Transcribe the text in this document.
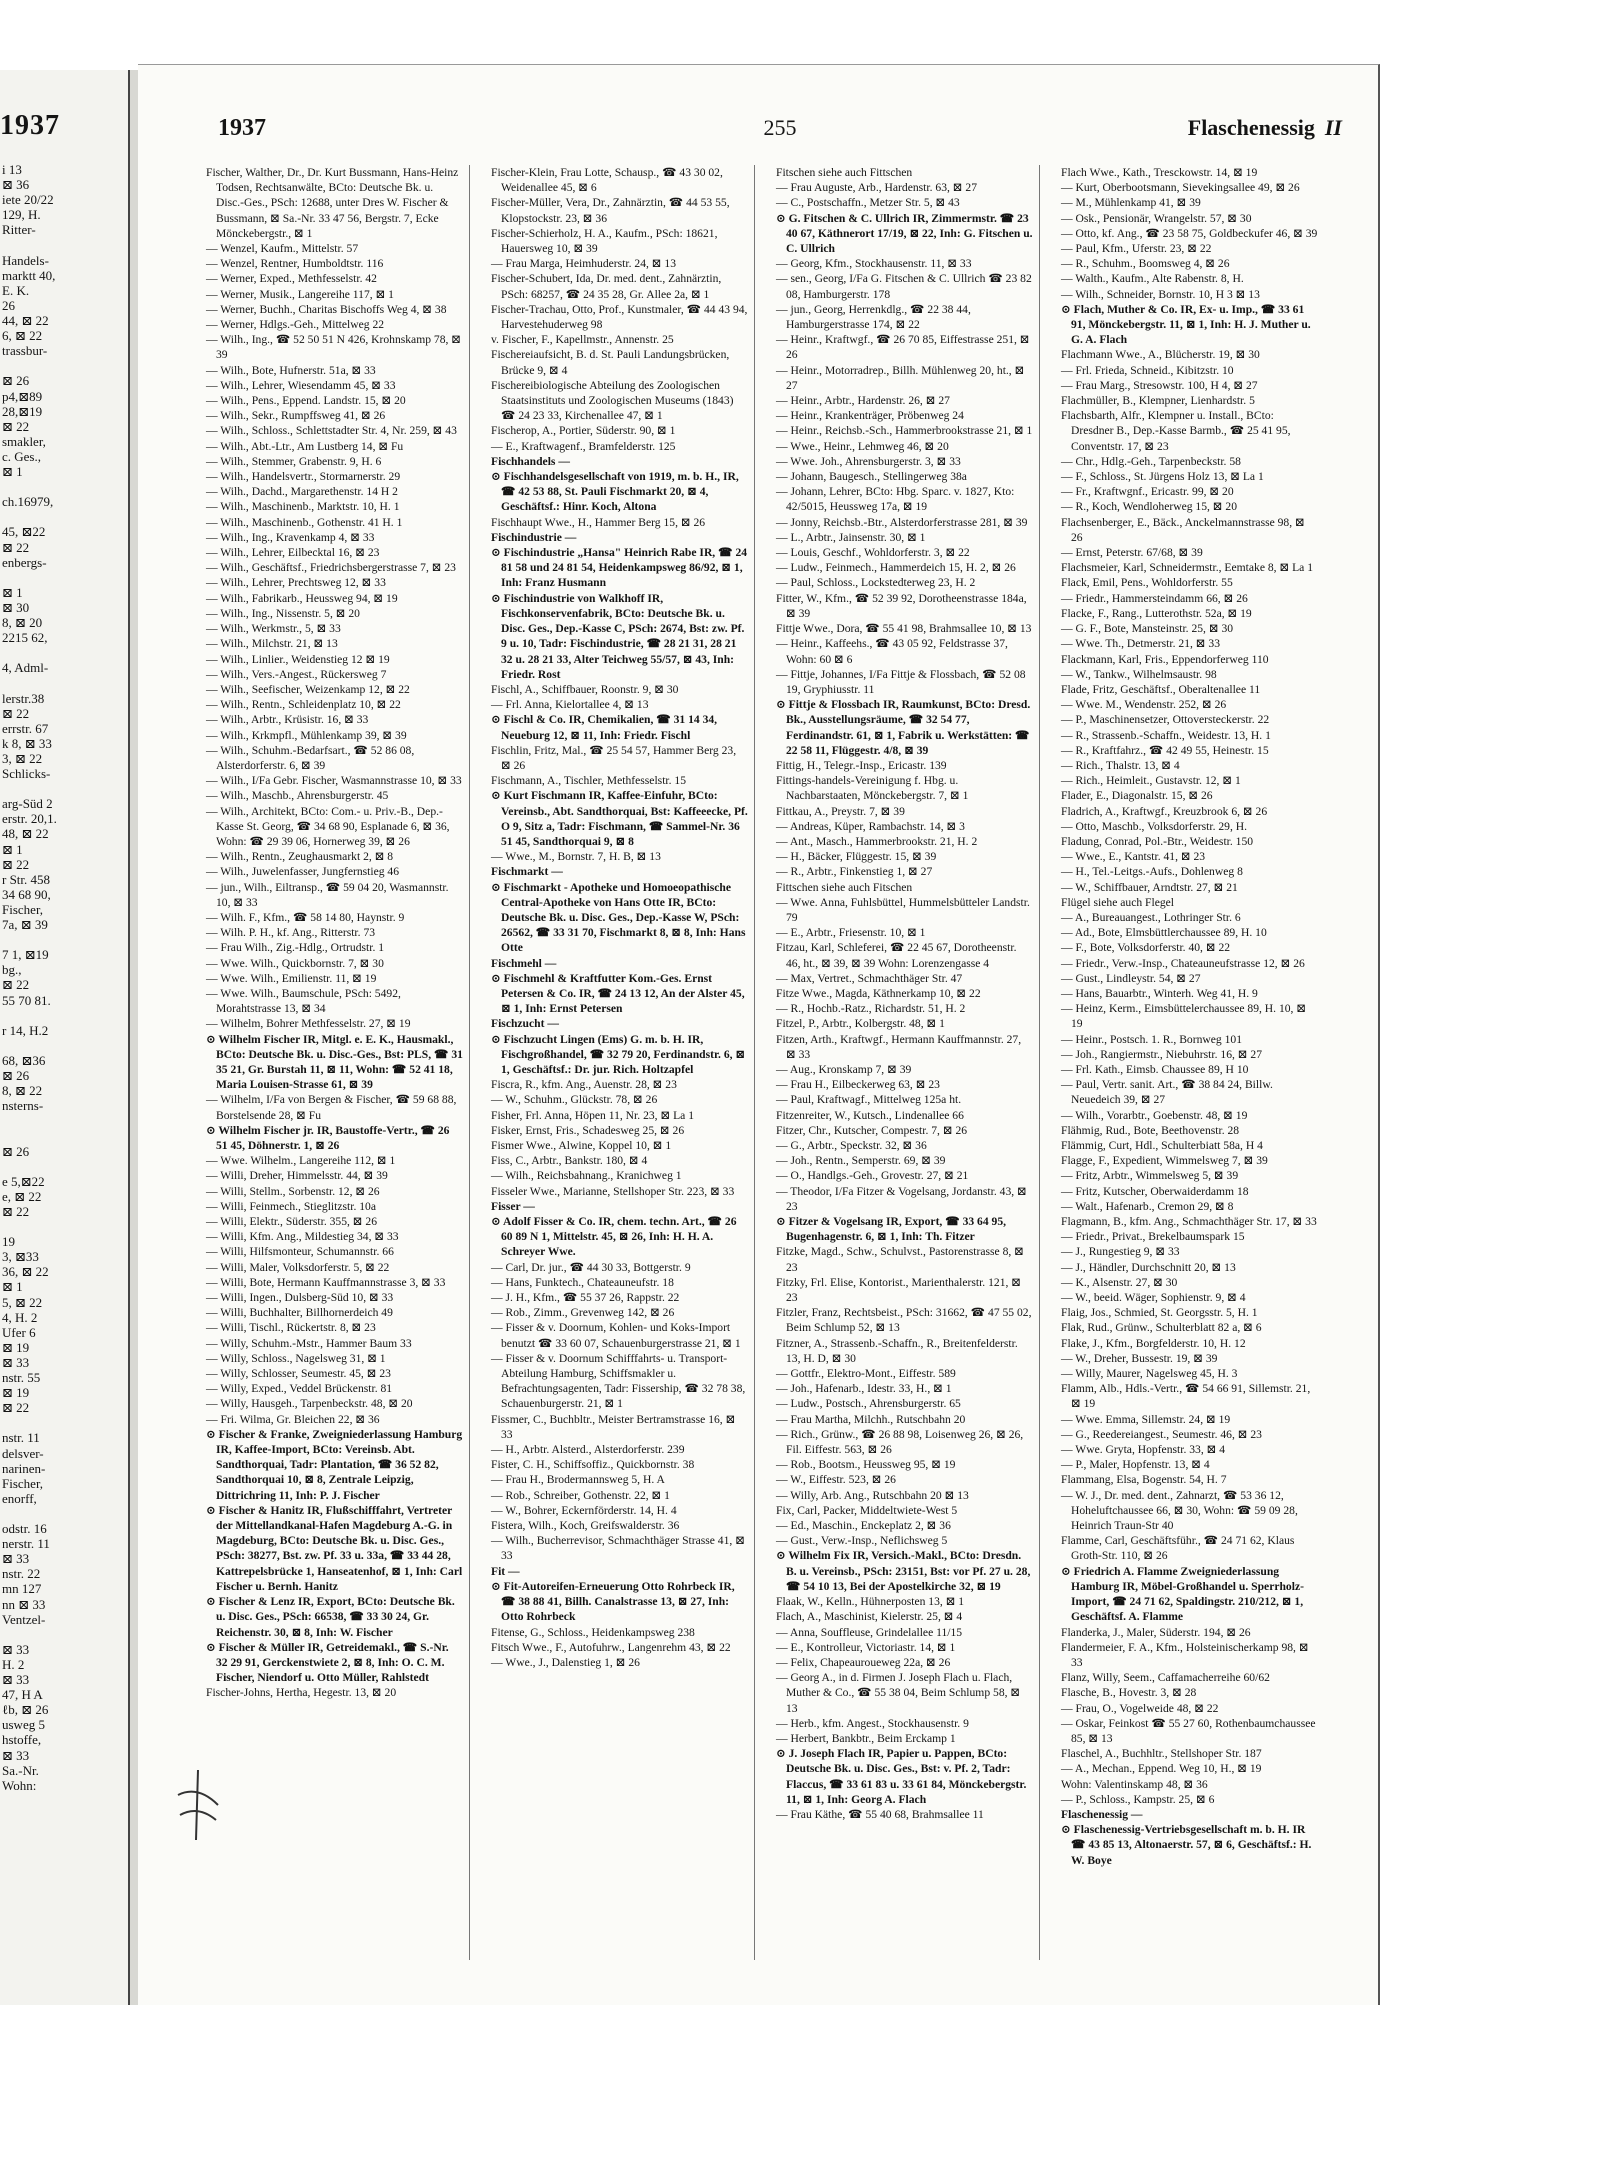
1937
i 13
⊠ 36
iete 20/22
129, H.
Ritter-
Handels-
marktt 40,
E. K.
26
44, ⊠ 22
6, ⊠ 22
trassbur-
⊠ 26
p4,⊠89
28,⊠19
⊠ 22
smakler,
c. Ges.,
⊠ 1
ch.16979,
45, ⊠22
⊠ 22
enbergs-
⊠ 1
⊠ 30
8, ⊠ 20
2215 62,
4, Adml-
lerstr.38
⊠ 22
errstr. 67
k 8, ⊠ 33
3, ⊠ 22
Schlicks-
arg-Süd 2
erstr. 20,1.
48, ⊠ 22
⊠ 1
⊠ 22
r Str. 458
34 68 90,
Fischer,
7a, ⊠ 39
7 1, ⊠19
bg.,
⊠ 22
55 70 81.
r 14, H.2
68, ⊠36
⊠ 26
8, ⊠ 22
nsterns-
⊠ 26
e 5,⊠22
e, ⊠ 22
⊠ 22
19
3, ⊠33
36, ⊠ 22
⊠ 1
5, ⊠ 22
4, H. 2
Ufer 6
⊠ 19
⊠ 33
nstr. 55
⊠ 19
⊠ 22
nstr. 11
delsver-
narinen-
Fischer,
enorff,
odstr. 16
nerstr. 11
⊠ 33
nstr. 22
mn 127
nn ⊠ 33
Ventzel-
⊠ 33
H. 2
⊠ 33
47, H A
ℓb, ⊠ 26
usweg 5
hstoffe,
⊠ 33
Sa.-Nr.
Wohn:
1937	255	Flaschenessig II
Fischer, Walther, Dr., Dr. Kurt Bussmann, Hans-Heinz Todsen, Rechtsanwälte, BCto: Deutsche Bk. u. Disc.-Ges., PSch: 12688, unter Dres W. Fischer & Bussmann, ⊠ Sa.-Nr. 33 47 56, Bergstr. 7, Ecke Mönckebergstr., ⊠ 1
— Wenzel, Kaufm., Mittelstr. 57
— Wenzel, Rentner, Humboldtstr. 116
— Werner, Exped., Methfesselstr. 42
— Werner, Musik., Langereihe 117, ⊠ 1
— Werner, Buchh., Charitas Bischoffs Weg 4, ⊠ 38
— Werner, Hdlgs.-Geh., Mittelweg 22
— Wilh., Ing., ☎ 52 50 51 N 426, Krohnskamp 78, ⊠ 39
— Wilh., Bote, Hufnerstr. 51a, ⊠ 33
— Wilh., Lehrer, Wiesendamm 45, ⊠ 33
— Wilh., Pens., Eppend. Landstr. 15, ⊠ 20
— Wilh., Sekr., Rumpffsweg 41, ⊠ 26
— Wilh., Schloss., Schlettstadter Str. 4, Nr. 259, ⊠ 43
— Wilh., Abt.-Ltr., Am Lustberg 14, ⊠ Fu
— Wilh., Stemmer, Grabenstr. 9, H. 6
— Wilh., Handelsvertr., Stormarnerstr. 29
— Wilh., Dachd., Margarethenstr. 14 H 2
— Wilh., Maschinenb., Marktstr. 10, H. 1
— Wilh., Maschinenb., Gothenstr. 41 H. 1
— Wilh., Ing., Kravenkamp 4, ⊠ 33
— Wilh., Lehrer, Eilbecktal 16, ⊠ 23
— Wilh., Geschäftsf., Friedrichsbergerstrasse 7, ⊠ 23
— Wilh., Lehrer, Prechtsweg 12, ⊠ 33
— Wilh., Fabrikarb., Heussweg 94, ⊠ 19
— Wilh., Ing., Nissenstr. 5, ⊠ 20
— Wilh., Werkmstr., 5, ⊠ 33
— Wilh., Milchstr. 21, ⊠ 13
— Wilh., Linlier., Weidenstieg 12 ⊠ 19
— Wilh., Vers.-Angest., Rückersweg 7
— Wilh., Seefischer, Weizenkamp 12, ⊠ 22
— Wilh., Rentn., Schleidenplatz 10, ⊠ 22
— Wilh., Arbtr., Krüsistr. 16, ⊠ 33
— Wilh., Krkmpfl., Mühlenkamp 39, ⊠ 39
— Wilh., Schuhm.-Bedarfsart., ☎ 52 86 08, Alsterdorferstr. 6, ⊠ 39
— Wilh., I/Fa Gebr. Fischer, Wasmannstrasse 10, ⊠ 33
— Wilh., Maschb., Ahrensburgerstr. 45
— Wilh., Architekt, BCto: Com.- u. Priv.-B., Dep.-Kasse St. Georg, ☎ 34 68 90, Esplanade 6, ⊠ 36, Wohn: ☎ 29 39 06, Hornerweg 39, ⊠ 26
— Wilh., Rentn., Zeughausmarkt 2, ⊠ 8
— Wilh., Juwelenfasser, Jungfernstieg 46
— jun., Wilh., Eiltransp., ☎ 59 04 20, Wasmannstr. 10, ⊠ 33
— Wilh. F., Kfm., ☎ 58 14 80, Haynstr. 9
— Wilh. P. H., kf. Ang., Ritterstr. 73
— Frau Wilh., Zig.-Hdlg., Ortrudstr. 1
— Wwe. Wilh., Quickbornstr. 7, ⊠ 30
— Wwe. Wilh., Emilienstr. 11, ⊠ 19
— Wwe. Wilh., Baumschule, PSch: 5492, Morahtstrasse 13, ⊠ 34
— Wilhelm, Bohrer Methfesselstr. 27, ⊠ 19
⊙ Wilhelm Fischer IR, Mitgl. e. E. K., Hausmakl., BCto: Deutsche Bk. u. Disc.-Ges., Bst: PLS, ☎ 31 35 21, Gr. Burstah 11, ⊠ 11, Wohn: ☎ 52 41 18, Maria Louisen-Strasse 61, ⊠ 39
— Wilhelm, I/Fa von Bergen & Fischer, ☎ 59 68 88, Borstelsende 28, ⊠ Fu
⊙ Wilhelm Fischer jr. IR, Baustoffe-Vertr., ☎ 26 51 45, Döhnerstr. 1, ⊠ 26
— Wwe. Wilhelm., Langereihe 112, ⊠ 1
— Willi, Dreher, Himmelsstr. 44, ⊠ 39
— Willi, Stellm., Sorbenstr. 12, ⊠ 26
— Willi, Feinmech., Stieglitzstr. 10a
— Willi, Elektr., Süderstr. 355, ⊠ 26
— Willi, Kfm. Ang., Mildestieg 34, ⊠ 33
— Willi, Hilfsmonteur, Schumannstr. 66
— Willi, Maler, Volksdorferstr. 5, ⊠ 22
— Willi, Bote, Hermann Kauffmannstrasse 3, ⊠ 33
— Willi, Ingen., Dulsberg-Süd 10, ⊠ 33
— Willi, Buchhalter, Billhornerdeich 49
— Willi, Tischl., Rückertstr. 8, ⊠ 23
— Willy, Schuhm.-Mstr., Hammer Baum 33
— Willy, Schloss., Nagelsweg 31, ⊠ 1
— Willy, Schlosser, Seumestr. 45, ⊠ 23
— Willy, Exped., Veddel Brückenstr. 81
— Willy, Hausgeh., Tarpenbeckstr. 48, ⊠ 20
— Fri. Wilma, Gr. Bleichen 22, ⊠ 36
⊙ Fischer & Franke, Zweigniederlassung Hamburg IR, Kaffee-Import, BCto: Vereinsb. Abt. Sandthorquai, Tadr: Plantation, ☎ 36 52 82, Sandthorquai 10, ⊠ 8, Zentrale Leipzig, Dittrichring 11, Inh: P. J. Fischer
⊙ Fischer & Hanitz IR, Flußschifffahrt, Vertreter der Mittellandkanal-Hafen Magdeburg A.-G. in Magdeburg, BCto: Deutsche Bk. u. Disc. Ges., PSch: 38277, Bst. zw. Pf. 33 u. 33a, ☎ 33 44 28, Kattrepelsbrücke 1, Hanseatenhof, ⊠ 1, Inh: Carl Fischer u. Bernh. Hanitz
⊙ Fischer & Lenz IR, Export, BCto: Deutsche Bk. u. Disc. Ges., PSch: 66538, ☎ 33 30 24, Gr. Reichenstr. 30, ⊠ 8, Inh: W. Fischer
⊙ Fischer & Müller IR, Getreidemakl., ☎ S.-Nr. 32 29 91, Gerckenstwiete 2, ⊠ 8, Inh: O. C. M. Fischer, Niendorf u. Otto Müller, Rahlstedt
Fischer-Johns, Hertha, Hegestr. 13, ⊠ 20
Fischer-Klein, Frau Lotte, Schausp., ☎ 43 30 02, Weidenallee 45, ⊠ 6
Fischer-Müller, Vera, Dr., Zahnärztin, ☎ 44 53 55, Klopstockstr. 23, ⊠ 36
Fischer-Schierholz, H. A., Kaufm., PSch: 18621, Hauersweg 10, ⊠ 39
— Frau Marga, Heimhuderstr. 24, ⊠ 13
Fischer-Schubert, Ida, Dr. med. dent., Zahnärztin, PSch: 68257, ☎ 24 35 28, Gr. Allee 2a, ⊠ 1
Fischer-Trachau, Otto, Prof., Kunstmaler, ☎ 44 43 94, Harvestehuderweg 98
v. Fischer, F., Kapellmstr., Annenstr. 25
Fischereiaufsicht, B. d. St. Pauli Landungsbrücken, Brücke 9, ⊠ 4
Fischereibiologische Abteilung des Zoologischen Staatsinstituts und Zoologischen Museums (1843) ☎ 24 23 33, Kirchenallee 47, ⊠ 1
Fischerop, A., Portier, Süderstr. 90, ⊠ 1
— E., Kraftwagenf., Bramfelderstr. 125
Fischhandels —
⊙ Fischhandelsgesellschaft von 1919, m. b. H., IR, ☎ 42 53 88, St. Pauli Fischmarkt 20, ⊠ 4, Geschäftsf.: Hinr. Koch, Altona
Fischhaupt Wwe., H., Hammer Berg 15, ⊠ 26
Fischindustrie —
⊙ Fischindustrie „Hansa" Heinrich Rabe IR, ☎ 24 81 58 und 24 81 54, Heidenkampsweg 86/92, ⊠ 1, Inh: Franz Husmann
⊙ Fischindustrie von Walkhoff IR, Fischkonservenfabrik, BCto: Deutsche Bk. u. Disc. Ges., Dep.-Kasse C, PSch: 2674, Bst: zw. Pf. 9 u. 10, Tadr: Fischindustrie, ☎ 28 21 31, 28 21 32 u. 28 21 33, Alter Teichweg 55/57, ⊠ 43, Inh: Friedr. Rost
Fischl, A., Schiffbauer, Roonstr. 9, ⊠ 30
— Frl. Anna, Kielortallee 4, ⊠ 13
⊙ Fischl & Co. IR, Chemikalien, ☎ 31 14 34, Neueburg 12, ⊠ 11, Inh: Friedr. Fischl
Fischlin, Fritz, Mal., ☎ 25 54 57, Hammer Berg 23, ⊠ 26
Fischmann, A., Tischler, Methfesselstr. 15
⊙ Kurt Fischmann IR, Kaffee-Einfuhr, BCto: Vereinsb., Abt. Sandthorquai, Bst: Kaffeeecke, Pf. O 9, Sitz a, Tadr: Fischmann, ☎ Sammel-Nr. 36 51 45, Sandthorquai 9, ⊠ 8
— Wwe., M., Bornstr. 7, H. B, ⊠ 13
Fischmarkt —
⊙ Fischmarkt - Apotheke und Homoeopathische Central-Apotheke von Hans Otte IR, BCto: Deutsche Bk. u. Disc. Ges., Dep.-Kasse W, PSch: 26562, ☎ 33 31 70, Fischmarkt 8, ⊠ 8, Inh: Hans Otte
Fischmehl —
⊙ Fischmehl & Kraftfutter Kom.-Ges. Ernst Petersen & Co. IR, ☎ 24 13 12, An der Alster 45, ⊠ 1, Inh: Ernst Petersen
Fischzucht —
⊙ Fischzucht Lingen (Ems) G. m. b. H. IR, Fischgroßhandel, ☎ 32 79 20, Ferdinandstr. 6, ⊠ 1, Geschäftsf.: Dr. jur. Rich. Holtzapfel
Fiscra, R., kfm. Ang., Auenstr. 28, ⊠ 23
— W., Schuhm., Glückstr. 78, ⊠ 26
Fisher, Frl. Anna, Höpen 11, Nr. 23, ⊠ La 1
Fisker, Ernst, Fris., Schadesweg 25, ⊠ 26
Fismer Wwe., Alwine, Koppel 10, ⊠ 1
Fiss, C., Arbtr., Bankstr. 180, ⊠ 4
— Wilh., Reichsbahnang., Kranichweg 1
Fisseler Wwe., Marianne, Stellshoper Str. 223, ⊠ 33
Fisser —
⊙ Adolf Fisser & Co. IR, chem. techn. Art., ☎ 26 60 89 N 1, Mittelstr. 45, ⊠ 26, Inh: H. H. A. Schreyer Wwe.
— Carl, Dr. jur., ☎ 44 30 33, Bottgerstr. 9
— Hans, Funktech., Chateauneufstr. 18
— J. H., Kfm., ☎ 55 37 26, Rappstr. 22
— Rob., Zimm., Grevenweg 142, ⊠ 26
— Fisser & v. Doornum, Kohlen- und Koks-Import benutzt ☎ 33 60 07, Schauenburgerstrasse 21, ⊠ 1
— Fisser & v. Doornum Schifffahrts- u. Transport-Abteilung Hamburg, Schiffsmakler u. Befrachtungsagenten, Tadr: Fissership, ☎ 32 78 38, Schauenburgerstr. 21, ⊠ 1
Fissmer, C., Buchbltr., Meister Bertramstrasse 16, ⊠ 33
— H., Arbtr. Alsterd., Alsterdorferstr. 239
Fister, C. H., Schiffsoffiz., Quickbornstr. 38
— Frau H., Brodermannsweg 5, H. A
— Rob., Schreiber, Gothenstr. 22, ⊠ 1
— W., Bohrer, Eckernförderstr. 14, H. 4
Fistera, Wilh., Koch, Greifswalderstr. 36
— Wilh., Bucherrevisor, Schmachthäger Strasse 41, ⊠ 33
Fit —
⊙ Fit-Autoreifen-Erneuerung Otto Rohrbeck IR, ☎ 38 88 41, Billh. Canalstrasse 13, ⊠ 27, Inh: Otto Rohrbeck
Fitense, G., Schloss., Heidenkampsweg 238
Fitsch Wwe., F., Autofuhrw., Langenrehm 43, ⊠ 22
— Wwe., J., Dalenstieg 1, ⊠ 26
Fitschen siehe auch Fittschen
— Frau Auguste, Arb., Hardenstr. 63, ⊠ 27
— C., Postschaffn., Metzer Str. 5, ⊠ 43
⊙ G. Fitschen & C. Ullrich IR, Zimmermstr. ☎ 23 40 67, Käthnerort 17/19, ⊠ 22, Inh: G. Fitschen u. C. Ullrich
— Georg, Kfm., Stockhausenstr. 11, ⊠ 33
— sen., Georg, I/Fa G. Fitschen & C. Ullrich ☎ 23 82 08, Hamburgerstr. 178
— jun., Georg, Herrenkdlg., ☎ 22 38 44, Hamburgerstrasse 174, ⊠ 22
— Heinr., Kraftwgf., ☎ 26 70 85, Eiffestrasse 251, ⊠ 26
— Heinr., Motorradrep., Billh. Mühlenweg 20, ht., ⊠ 27
— Heinr., Arbtr., Hardenstr. 26, ⊠ 27
— Heinr., Krankenträger, Pröbenweg 24
— Heinr., Reichsb.-Sch., Hammerbrookstrasse 21, ⊠ 1
— Wwe., Heinr., Lehmweg 46, ⊠ 20
— Wwe. Joh., Ahrensburgerstr. 3, ⊠ 33
— Johann, Baugesch., Stellingerweg 38a
— Johann, Lehrer, BCto: Hbg. Sparc. v. 1827, Kto: 42/5015, Heussweg 17a, ⊠ 19
— Jonny, Reichsb.-Btr., Alsterdorferstrasse 281, ⊠ 39
— L., Arbtr., Jainsenstr. 30, ⊠ 1
— Louis, Geschf., Wohldorferstr. 3, ⊠ 22
— Ludw., Feinmech., Hammerdeich 15, H. 2, ⊠ 26
— Paul, Schloss., Lockstedterweg 23, H. 2
Fitter, W., Kfm., ☎ 52 39 92, Dorotheenstrasse 184a, ⊠ 39
Fittje Wwe., Dora, ☎ 55 41 98, Brahmsallee 10, ⊠ 13
— Heinr., Kaffeehs., ☎ 43 05 92, Feldstrasse 37, Wohn: 60 ⊠ 6
— Fittje, Johannes, I/Fa Fittje & Flossbach, ☎ 52 08 19, Gryphiusstr. 11
⊙ Fittje & Flossbach IR, Raumkunst, BCto: Dresd. Bk., Ausstellungsräume, ☎ 32 54 77, Ferdinandstr. 61, ⊠ 1, Fabrik u. Werkstätten: ☎ 22 58 11, Flüggestr. 4/8, ⊠ 39
Fittig, H., Telegr.-Insp., Ericastr. 139
Fittings-handels-Vereinigung f. Hbg. u. Nachbarstaaten, Mönckebergstr. 7, ⊠ 1
Fittkau, A., Preystr. 7, ⊠ 39
— Andreas, Küper, Rambachstr. 14, ⊠ 3
— Ant., Masch., Hammerbrookstr. 21, H. 2
— H., Bäcker, Flüggestr. 15, ⊠ 39
— R., Arbtr., Finkenstieg 1, ⊠ 27
Fittschen siehe auch Fitschen
— Wwe. Anna, Fuhlsbüttel, Hummelsbütteler Landstr. 79
— E., Arbtr., Friesenstr. 10, ⊠ 1
Fitzau, Karl, Schleferei, ☎ 22 45 67, Dorotheenstr. 46, ht., ⊠ 39, ⊠ 39 Wohn: Lorenzengasse 4
— Max, Vertret., Schmachthäger Str. 47
Fitze Wwe., Magda, Käthnerkamp 10, ⊠ 22
— R., Hochb.-Ratz., Richardstr. 51, H. 2
Fitzel, P., Arbtr., Kolbergstr. 48, ⊠ 1
Fitzen, Arth., Kraftwgf., Hermann Kauffmannstr. 27, ⊠ 33
— Aug., Kronskamp 7, ⊠ 39
— Frau H., Eilbeckerweg 63, ⊠ 23
— Paul, Kraftwagf., Mittelweg 125a ht.
Fitzenreiter, W., Kutsch., Lindenallee 66
Fitzer, Chr., Kutscher, Compestr. 7, ⊠ 26
— G., Arbtr., Speckstr. 32, ⊠ 36
— Joh., Rentn., Semperstr. 69, ⊠ 39
— O., Handlgs.-Geh., Grovestr. 27, ⊠ 21
— Theodor, I/Fa Fitzer & Vogelsang, Jordanstr. 43, ⊠ 23
⊙ Fitzer & Vogelsang IR, Export, ☎ 33 64 95, Bugenhagenstr. 6, ⊠ 1, Inh: Th. Fitzer
Fitzke, Magd., Schw., Schulvst., Pastorenstrasse 8, ⊠ 23
Fitzky, Frl. Elise, Kontorist., Marienthalerstr. 121, ⊠ 23
Fitzler, Franz, Rechtsbeist., PSch: 31662, ☎ 47 55 02, Beim Schlump 52, ⊠ 13
Fitzner, A., Strassenb.-Schaffn., R., Breitenfelderstr. 13, H. D, ⊠ 30
— Gottfr., Elektro-Mont., Eiffestr. 589
— Joh., Hafenarb., Idestr. 33, H., ⊠ 1
— Ludw., Postsch., Ahrensburgerstr. 65
— Frau Martha, Milchh., Rutschbahn 20
— Rich., Grünw., ☎ 26 88 98, Loisenweg 26, ⊠ 26, Fil. Eiffestr. 563, ⊠ 26
— Rob., Bootsm., Heussweg 95, ⊠ 19
— W., Eiffestr. 523, ⊠ 26
— Willy, Arb. Ang., Rutschbahn 20 ⊠ 13
Fix, Carl, Packer, Middeltwiete-West 5
— Ed., Maschin., Enckeplatz 2, ⊠ 36
— Gust., Verw.-Insp., Neflichsweg 5
⊙ Wilhelm Fix IR, Versich.-Makl., BCto: Dresdn. B. u. Vereinsb., PSch: 23151, Bst: vor Pf. 27 u. 28, ☎ 54 10 13, Bei der Apostelkirche 32, ⊠ 19
Flaak, W., Kelln., Hühnerposten 13, ⊠ 1
Flach, A., Maschinist, Kielerstr. 25, ⊠ 4
— Anna, Souffleuse, Grindelallee 11/15
— E., Kontrolleur, Victoriastr. 14, ⊠ 1
— Felix, Chapeauroueweg 22a, ⊠ 26
— Georg A., in d. Firmen J. Joseph Flach u. Flach, Muther & Co., ☎ 55 38 04, Beim Schlump 58, ⊠ 13
— Herb., kfm. Angest., Stockhausenstr. 9
— Herbert, Bankbtr., Beim Erckamp 1
⊙ J. Joseph Flach IR, Papier u. Pappen, BCto: Deutsche Bk. u. Disc. Ges., Bst: v. Pf. 2, Tadr: Flaccus, ☎ 33 61 83 u. 33 61 84, Mönckebergstr. 11, ⊠ 1, Inh: Georg A. Flach
— Frau Käthe, ☎ 55 40 68, Brahmsallee 11
Flach Wwe., Kath., Tresckowstr. 14, ⊠ 19
— Kurt, Oberbootsmann, Sievekingsallee 49, ⊠ 26
— M., Mühlenkamp 41, ⊠ 39
— Osk., Pensionär, Wrangelstr. 57, ⊠ 30
— Otto, kf. Ang., ☎ 23 58 75, Goldbeckufer 46, ⊠ 39
— Paul, Kfm., Uferstr. 23, ⊠ 22
— R., Schuhm., Boomsweg 4, ⊠ 26
— Walth., Kaufm., Alte Rabenstr. 8, H.
— Wilh., Schneider, Bornstr. 10, H 3 ⊠ 13
⊙ Flach, Muther & Co. IR, Ex- u. Imp., ☎ 33 61 91, Mönckebergstr. 11, ⊠ 1, Inh: H. J. Muther u. G. A. Flach
Flachmann Wwe., A., Blücherstr. 19, ⊠ 30
— Frl. Frieda, Schneid., Kibitzstr. 10
— Frau Marg., Stresowstr. 100, H 4, ⊠ 27
Flachmüller, B., Klempner, Lienhardstr. 5
Flachsbarth, Alfr., Klempner u. Install., BCto: Dresdner B., Dep.-Kasse Barmb., ☎ 25 41 95, Conventstr. 17, ⊠ 23
— Chr., Hdlg.-Geh., Tarpenbeckstr. 58
— F., Schloss., St. Jürgens Holz 13, ⊠ La 1
— Fr., Kraftwgnf., Ericastr. 99, ⊠ 20
— R., Koch, Wendloherweg 15, ⊠ 20
Flachsenberger, E., Bäck., Anckelmannstrasse 98, ⊠ 26
— Ernst, Peterstr. 67/68, ⊠ 39
Flachsmeier, Karl, Schneidermstr., Eemtake 8, ⊠ La 1
Flack, Emil, Pens., Wohldorferstr. 55
— Friedr., Hammersteindamm 66, ⊠ 26
Flacke, F., Rang., Lutterothstr. 52a, ⊠ 19
— G. F., Bote, Mansteinstr. 25, ⊠ 30
— Wwe. Th., Detmerstr. 21, ⊠ 33
Flackmann, Karl, Fris., Eppendorferweg 110
— W., Tankw., Wilhelmsaustr. 98
Flade, Fritz, Geschäftsf., Oberaltenallee 11
— Wwe. M., Wendenstr. 252, ⊠ 26
— P., Maschinensetzer, Ottoversteckerstr. 22
— R., Strassenb.-Schaffn., Weidestr. 13, H. 1
— R., Kraftfahrz., ☎ 42 49 55, Heinestr. 15
— Rich., Thalstr. 13, ⊠ 4
— Rich., Heimleit., Gustavstr. 12, ⊠ 1
Flader, E., Diagonalstr. 15, ⊠ 26
Fladrich, A., Kraftwgf., Kreuzbrook 6, ⊠ 26
— Otto, Maschb., Volksdorferstr. 29, H.
Fladung, Conrad, Pol.-Btr., Weidestr. 150
— Wwe., E., Kantstr. 41, ⊠ 23
— H., Tel.-Leitgs.-Aufs., Dohlenweg 8
— W., Schiffbauer, Arndtstr. 27, ⊠ 21
Flügel siehe auch Flegel
— A., Bureauangest., Lothringer Str. 6
— Ad., Bote, Elmsbüttlerchaussee 89, H. 10
— F., Bote, Volksdorferstr. 40, ⊠ 22
— Friedr., Verw.-Insp., Chateauneufstrasse 12, ⊠ 26
— Gust., Lindleystr. 54, ⊠ 27
— Hans, Bauarbtr., Winterh. Weg 41, H. 9
— Heinz, Kerm., Eimsbüttelerchaussee 89, H. 10, ⊠ 19
— Heinr., Postsch. 1. R., Bornweg 101
— Joh., Rangiermstr., Niebuhrstr. 16, ⊠ 27
— Frl. Kath., Eimsb. Chaussee 89, H 10
— Paul, Vertr. sanit. Art., ☎ 38 84 24, Billw. Neuedeich 39, ⊠ 27
— Wilh., Vorarbtr., Goebenstr. 48, ⊠ 19
Flähmig, Rud., Bote, Beethovenstr. 28
Flämmig, Curt, Hdl., Schulterbiatt 58a, H 4
Flagge, F., Expedient, Wimmelsweg 7, ⊠ 39
— Fritz, Arbtr., Wimmelsweg 5, ⊠ 39
— Fritz, Kutscher, Oberwaiderdamm 18
— Walt., Hafenarb., Cremon 29, ⊠ 8
Flagmann, B., kfm. Ang., Schmachthäger Str. 17, ⊠ 33
— Friedr., Privat., Brekelbaumspark 15
— J., Rungestieg 9, ⊠ 33
— J., Händler, Durchschnitt 20, ⊠ 13
— K., Alsenstr. 27, ⊠ 30
— W., beeid. Wäger, Sophienstr. 9, ⊠ 4
Flaig, Jos., Schmied, St. Georgsstr. 5, H. 1
Flak, Rud., Grünw., Schulterblatt 82 a, ⊠ 6
Flake, J., Kfm., Borgfelderstr. 10, H. 12
— W., Dreher, Bussestr. 19, ⊠ 39
— Willy, Maurer, Nagelsweg 45, H. 3
Flamm, Alb., Hdls.-Vertr., ☎ 54 66 91, Sillemstr. 21, ⊠ 19
— Wwe. Emma, Sillemstr. 24, ⊠ 19
— G., Reedereiangest., Seumestr. 46, ⊠ 23
— Wwe. Gryta, Hopfenstr. 33, ⊠ 4
— P., Maler, Hopfenstr. 13, ⊠ 4
Flammang, Elsa, Bogenstr. 54, H. 7
— W. J., Dr. med. dent., Zahnarzt, ☎ 53 36 12, Hoheluftchaussee 66, ⊠ 30, Wohn: ☎ 59 09 28, Heinrich Traun-Str 40
Flamme, Carl, Geschäftsführ., ☎ 24 71 62, Klaus Groth-Str. 110, ⊠ 26
⊙ Friedrich A. Flamme Zweigniederlassung Hamburg IR, Möbel-Großhandel u. Sperrholz-Import, ☎ 24 71 62, Spaldingstr. 210/212, ⊠ 1, Geschäftsf. A. Flamme
Flanderka, J., Maler, Süderstr. 194, ⊠ 26
Flandermeier, F. A., Kfm., Holsteinischerkamp 98, ⊠ 33
Flanz, Willy, Seem., Caffamacherreihe 60/62
Flasche, B., Hovestr. 3, ⊠ 28
— Frau, O., Vogelweide 48, ⊠ 22
— Oskar, Feinkost ☎ 55 27 60, Rothenbaumchaussee 85, ⊠ 13
Flaschel, A., Buchhltr., Stellshoper Str. 187
— A., Mechan., Eppend. Weg 10, H., ⊠ 19
Wohn: Valentinskamp 48, ⊠ 36
— P., Schloss., Kampstr. 25, ⊠ 6
Flaschenessig —
⊙ Flaschenessig-Vertriebsgesellschaft m. b. H. IR ☎ 43 85 13, Altonaerstr. 57, ⊠ 6, Geschäftsf.: H. W. Boye
